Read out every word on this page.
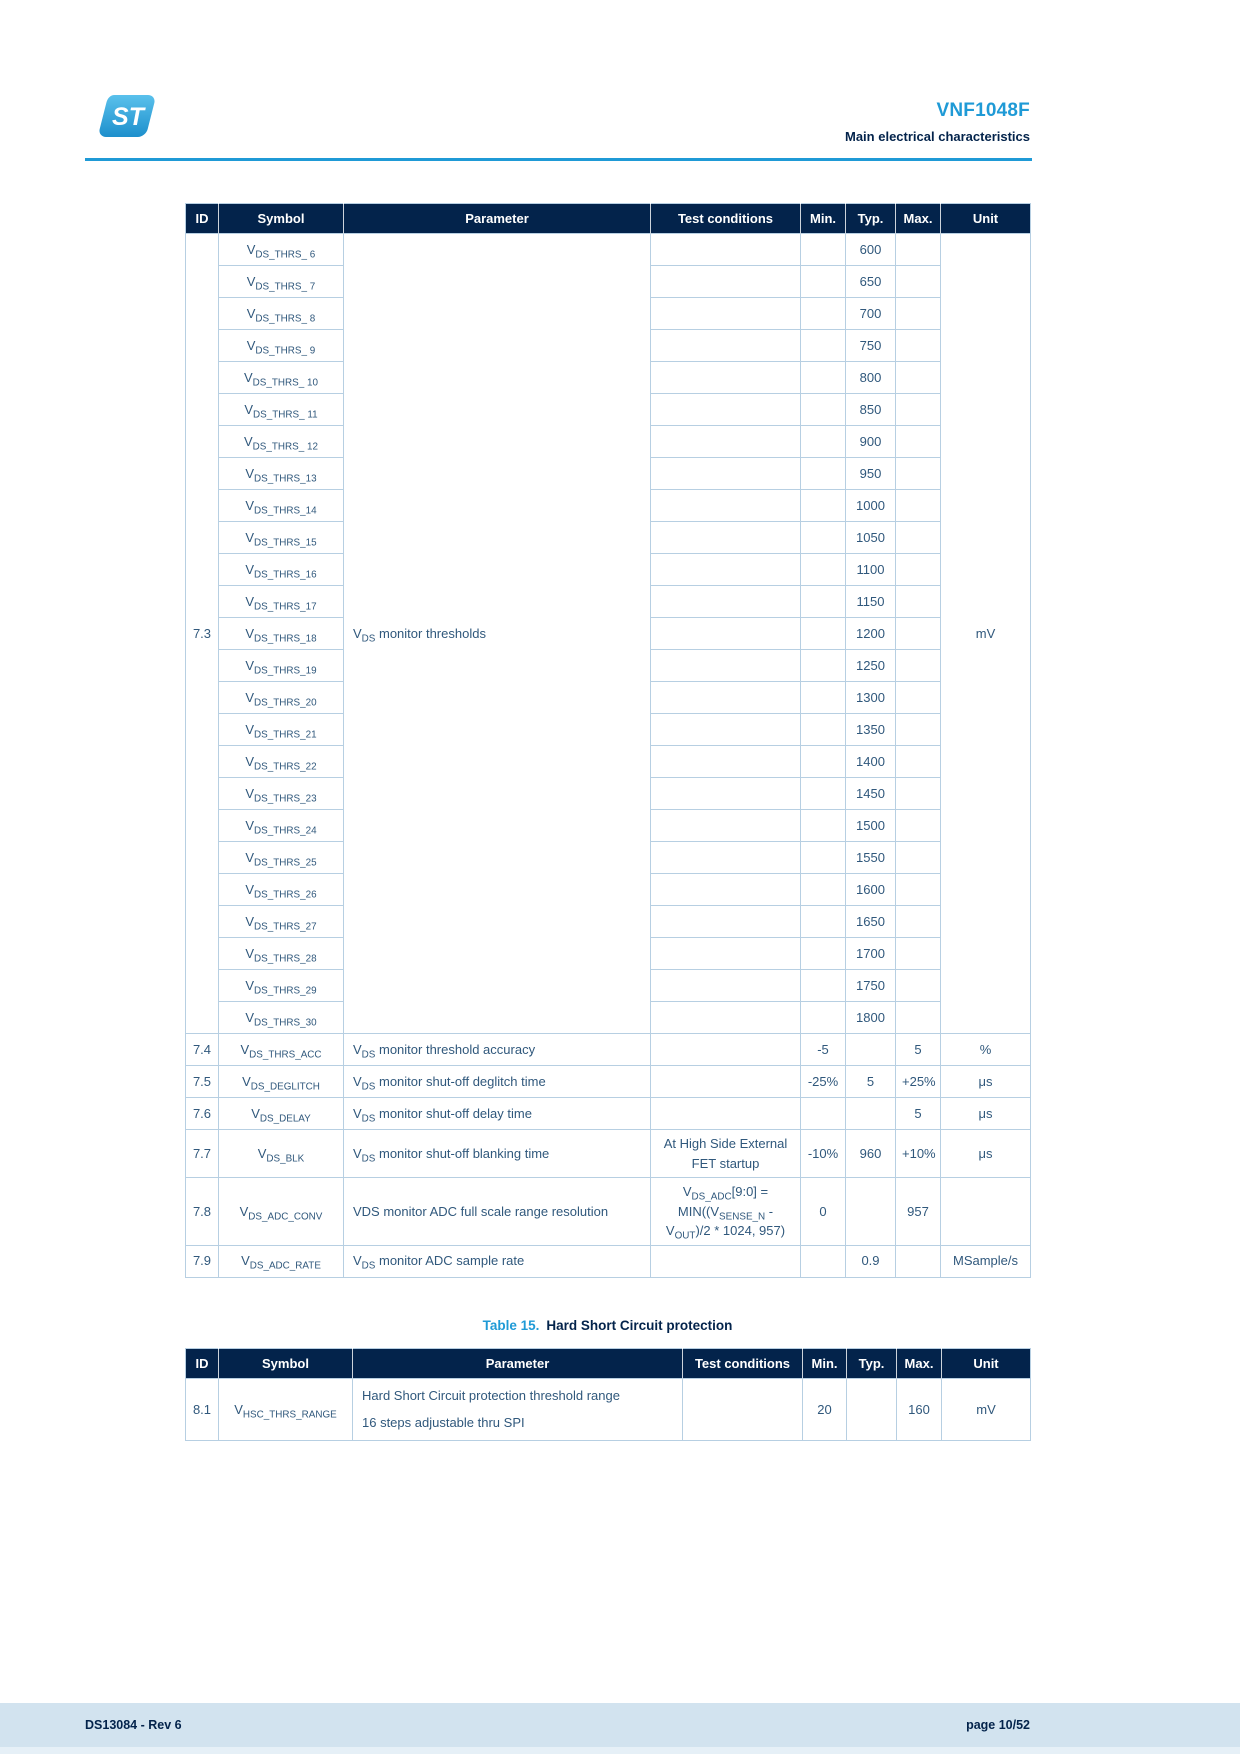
ST	VNF1048F
Main electrical characteristics
ID	Symbol	Parameter	Test conditions	Min.	Typ.	Max.	Unit
7.3	$V_{DS\_THRS\_ 6}$	$V_{DS}$ monitor thresholds			600		mV
	$V_{DS\_THRS\_ 7}$				650		
	$V_{DS\_THRS\_ 8}$				700		
	$V_{DS\_THRS\_ 9}$				750		
	$V_{DS\_THRS\_ 10}$				800		
	$V_{DS\_THRS\_ 11}$				850		
	$V_{DS\_THRS\_ 12}$				900		
	$V_{DS\_THRS\_13}$				950		
	$V_{DS\_THRS\_14}$				1000		
	$V_{DS\_THRS\_15}$				1050		
	$V_{DS\_THRS\_16}$				1100		
	$V_{DS\_THRS\_17}$				1150		
	$V_{DS\_THRS\_18}$				1200		
	$V_{DS\_THRS\_19}$				1250		
	$V_{DS\_THRS\_20}$				1300		
	$V_{DS\_THRS\_21}$				1350		
	$V_{DS\_THRS\_22}$				1400		
	$V_{DS\_THRS\_23}$				1450		
	$V_{DS\_THRS\_24}$				1500		
	$V_{DS\_THRS\_25}$				1550		
	$V_{DS\_THRS\_26}$				1600		
	$V_{DS\_THRS\_27}$				1650		
	$V_{DS\_THRS\_28}$				1700		
	$V_{DS\_THRS\_29}$				1750		
	$V_{DS\_THRS\_30}$				1800		
7.4	$V_{DS\_THRS\_ACC}$	$V_{DS}$ monitor threshold accuracy		-5		5	%
7.5	$V_{DS\_DEGLITCH}$	$V_{DS}$ monitor shut-off deglitch time		-25%	5	+25%	μs
7.6	$V_{DS\_DELAY}$	$V_{DS}$ monitor shut-off delay time				5	μs
7.7	$V_{DS\_BLK}$	$V_{DS}$ monitor shut-off blanking time	At High Side External FET startup	-10%	960	+10%	μs
7.8	$V_{DS\_ADC\_CONV}$	VDS monitor ADC full scale range resolution	$V_{DS\_ADC}[9:0]$ =
$MIN((V_{SENSE\_N}$ -
$V_{OUT})/2 * 1024$, 957)	0		957	
7.9	$V_{DS\_ADC\_RATE}$	$V_{DS}$ monitor ADC sample rate			0.9		MSample/s
Table 15. Hard Short Circuit protection
ID	Symbol	Parameter	Test conditions	Min.	Typ.	Max.	Unit
8.1	$V_{HSC\_THRS\_RANGE}$	Hard Short Circuit protection threshold range
16 steps adjustable thru SPI		20		160	mV
DS13084 - Rev 6	page 10/52
